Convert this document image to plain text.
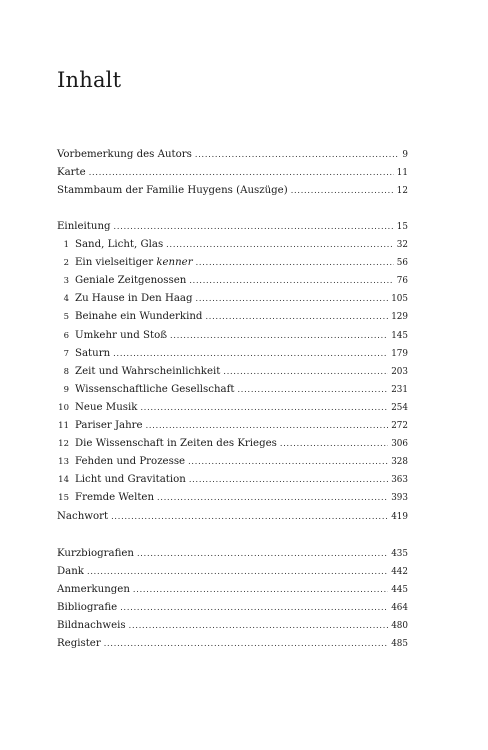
Inhalt
Vorbemerkung des Autors .....	9
Karte .....	11
Stammbaum der Familie Huygens (Auszüge) .....	12
Einleitung .....	15
1 Sand, Licht, Glas .....	32
2 Ein vielseitiger kenner .....	56
3 Geniale Zeitgenossen .....	76
4 Zu Hause in Den Haag .....	105
5 Beinahe ein Wunderkind .....	129
6 Umkehr und Stoß .....	145
7 Saturn .....	179
8 Zeit und Wahrscheinlichkeit .....	203
9 Wissenschaftliche Gesellschaft .....	231
10 Neue Musik .....	254
11 Pariser Jahre .....	272
12 Die Wissenschaft in Zeiten des Krieges .....	306
13 Fehden und Prozesse .....	328
14 Licht und Gravitation .....	363
15 Fremde Welten .....	393
Nachwort .....	419
Kurzbiografien .....	435
Dank .....	442
Anmerkungen .....	445
Bibliografie .....	464
Bildnachweis .....	480
Register .....	485
